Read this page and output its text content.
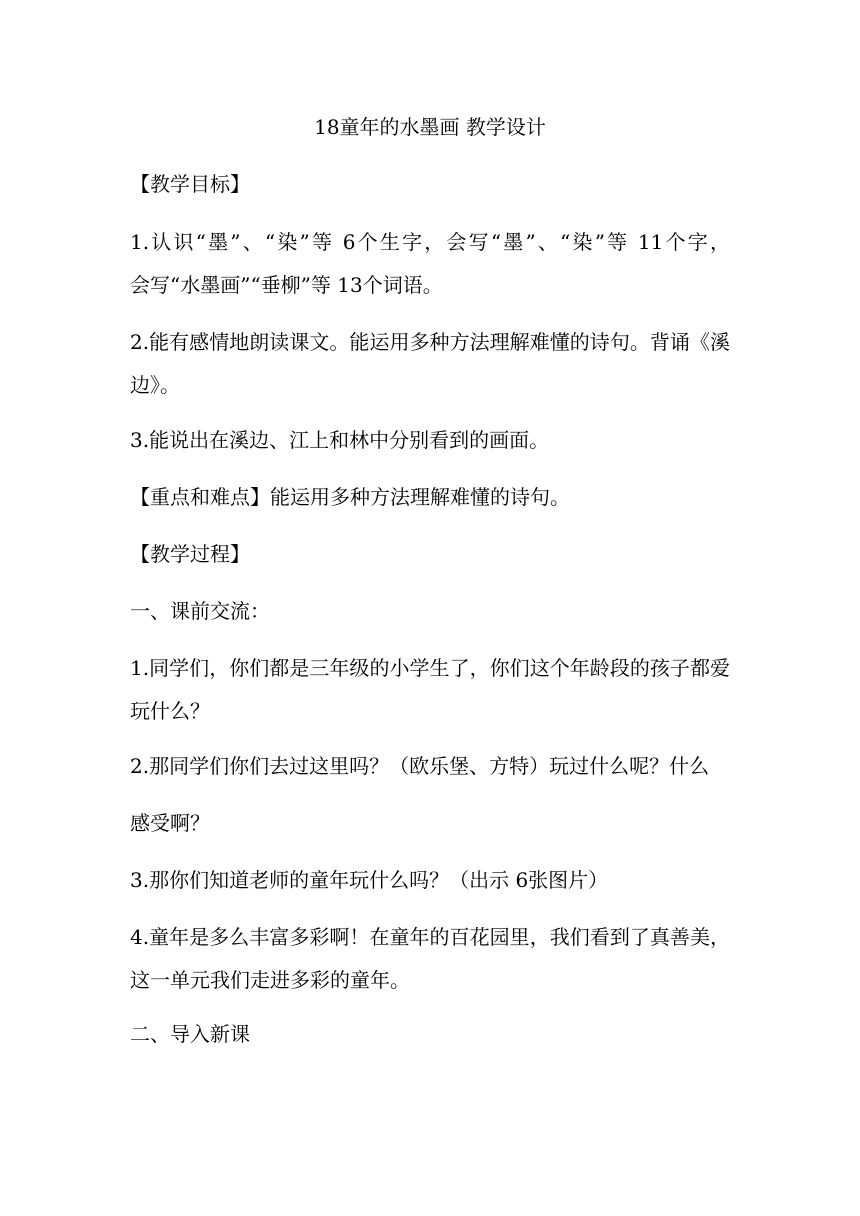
18童年的水墨画 教学设计
【教学目标】
1.认识“墨”、“染”等 6个生字，会写“墨”、“染”等 11个字，
会写“水墨画”“垂柳”等 13个词语。
2.能有感情地朗读课文。能运用多种方法理解难懂的诗句。背诵《溪
边》。
3.能说出在溪边、江上和林中分别看到的画面。
【重点和难点】能运用多种方法理解难懂的诗句。
【教学过程】
一、课前交流：
1.同学们，你们都是三年级的小学生了，你们这个年龄段的孩子都爱
玩什么？
2.那同学们你们去过这里吗？（欧乐堡、方特）玩过什么呢？什么
感受啊？
3.那你们知道老师的童年玩什么吗？（出示 6张图片）
4.童年是多么丰富多彩啊！在童年的百花园里，我们看到了真善美，
这一单元我们走进多彩的童年。
二、导入新课
